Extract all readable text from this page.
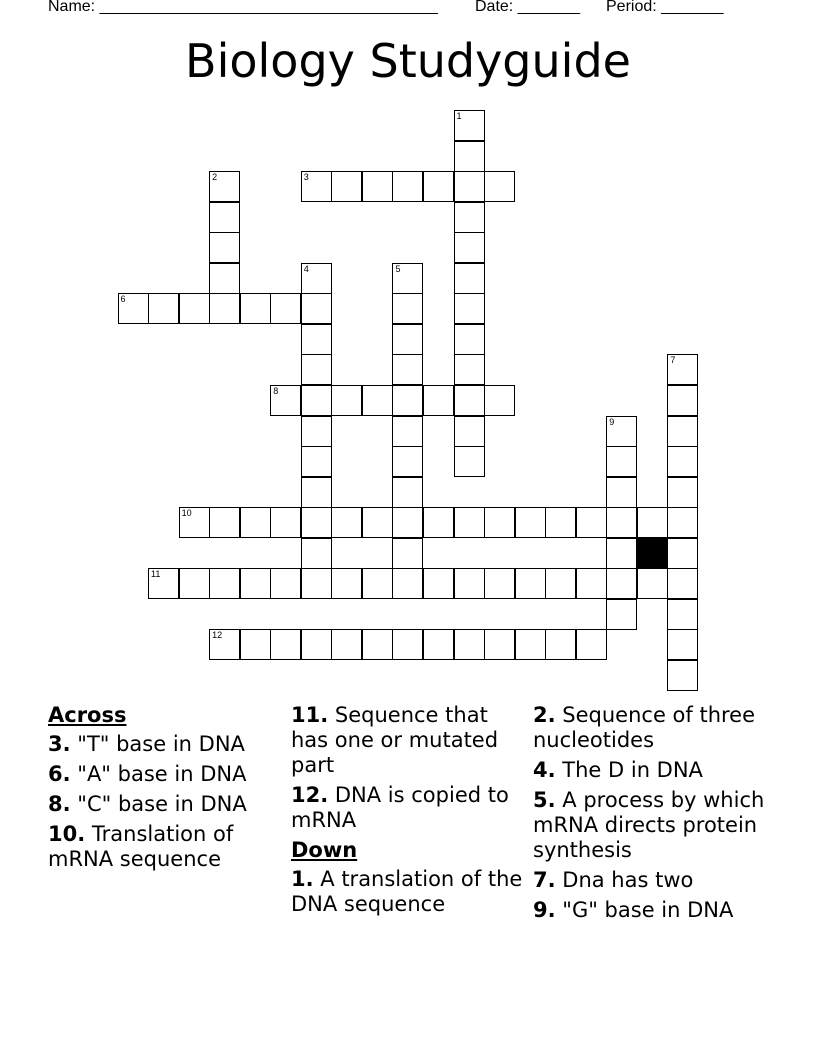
Name: ______________________________________ Date: _______ Period: _______
Biology Studyguide
1
2	3
4	5
6
7
8
9
10
11
12
Across
3. "T" base in DNA
6. "A" base in DNA
8. "C" base in DNA
10. Translation of mRNA sequence
11. Sequence that has one or mutated part
12. DNA is copied to mRNA
Down
1. A translation of the DNA sequence
2. Sequence of three nucleotides
4. The D in DNA
5. A process by which mRNA directs protein synthesis
7. Dna has two
9. "G" base in DNA
